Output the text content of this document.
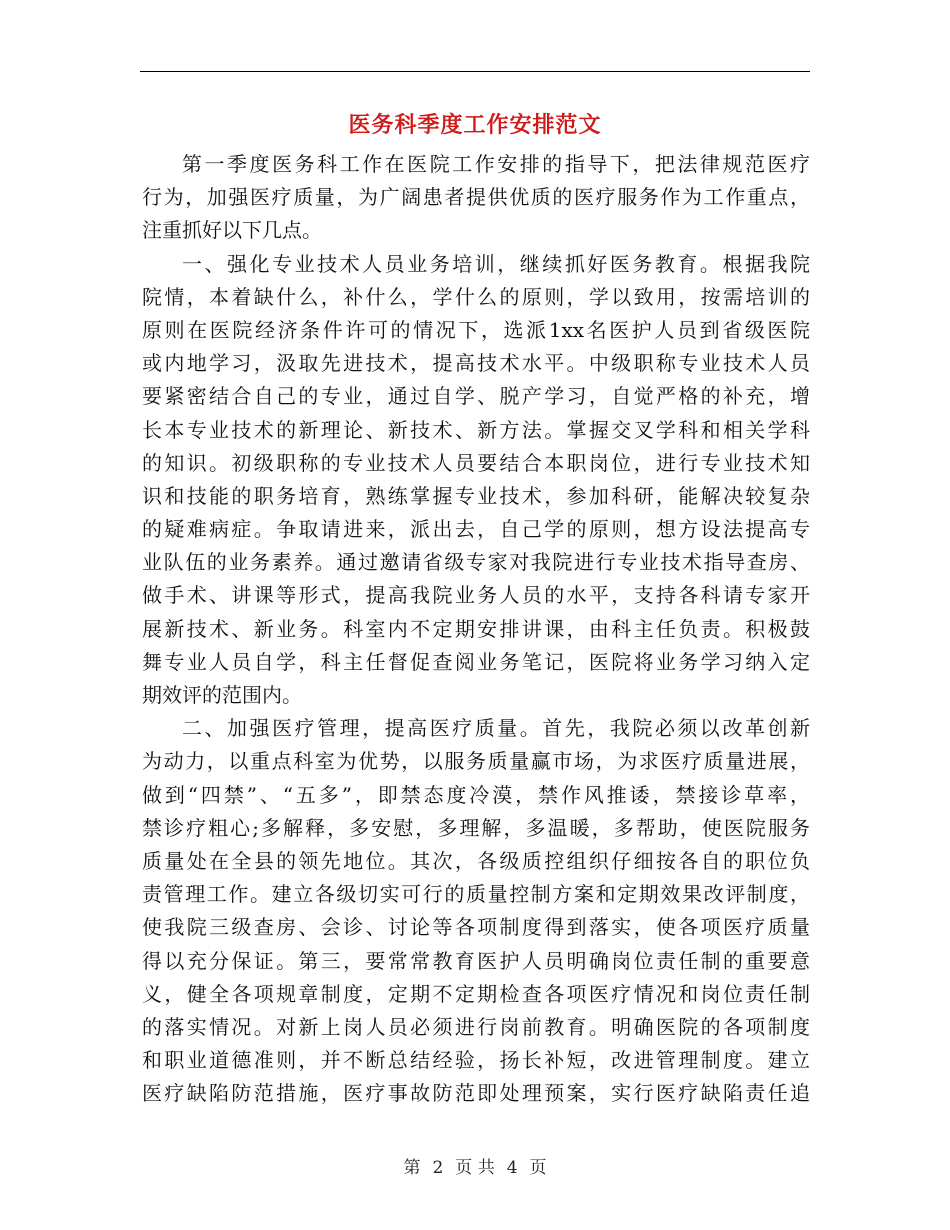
医务科季度工作安排范文
第一季度医务科工作在医院工作安排的指导下，把法律规范医疗
行为，加强医疗质量，为广阔患者提供优质的医疗服务作为工作重点，
注重抓好以下几点。
一、强化专业技术人员业务培训，继续抓好医务教育。根据我院
院情，本着缺什么，补什么，学什么的原则，学以致用，按需培训的
原则在医院经济条件许可的情况下，选派1xx名医护人员到省级医院
或内地学习，汲取先进技术，提高技术水平。中级职称专业技术人员
要紧密结合自己的专业，通过自学、脱产学习，自觉严格的补充，增
长本专业技术的新理论、新技术、新方法。掌握交叉学科和相关学科
的知识。初级职称的专业技术人员要结合本职岗位，进行专业技术知
识和技能的职务培育，熟练掌握专业技术，参加科研，能解决较复杂
的疑难病症。争取请进来，派出去，自己学的原则，想方设法提高专
业队伍的业务素养。通过邀请省级专家对我院进行专业技术指导查房、
做手术、讲课等形式，提高我院业务人员的水平，支持各科请专家开
展新技术、新业务。科室内不定期安排讲课，由科主任负责。积极鼓
舞专业人员自学，科主任督促查阅业务笔记，医院将业务学习纳入定
期效评的范围内。
二、加强医疗管理，提高医疗质量。首先，我院必须以改革创新
为动力，以重点科室为优势，以服务质量赢市场，为求医疗质量进展，
做到“四禁”、“五多”，即禁态度冷漠，禁作风推诿，禁接诊草率，
禁诊疗粗心;多解释，多安慰，多理解，多温暖，多帮助，使医院服务
质量处在全县的领先地位。其次，各级质控组织仔细按各自的职位负
责管理工作。建立各级切实可行的质量控制方案和定期效果改评制度，
使我院三级查房、会诊、讨论等各项制度得到落实，使各项医疗质量
得以充分保证。第三，要常常教育医护人员明确岗位责任制的重要意
义，健全各项规章制度，定期不定期检查各项医疗情况和岗位责任制
的落实情况。对新上岗人员必须进行岗前教育。明确医院的各项制度
和职业道德准则，并不断总结经验，扬长补短，改进管理制度。建立
医疗缺陷防范措施，医疗事故防范即处理预案，实行医疗缺陷责任追
第 2 页 共 4 页
